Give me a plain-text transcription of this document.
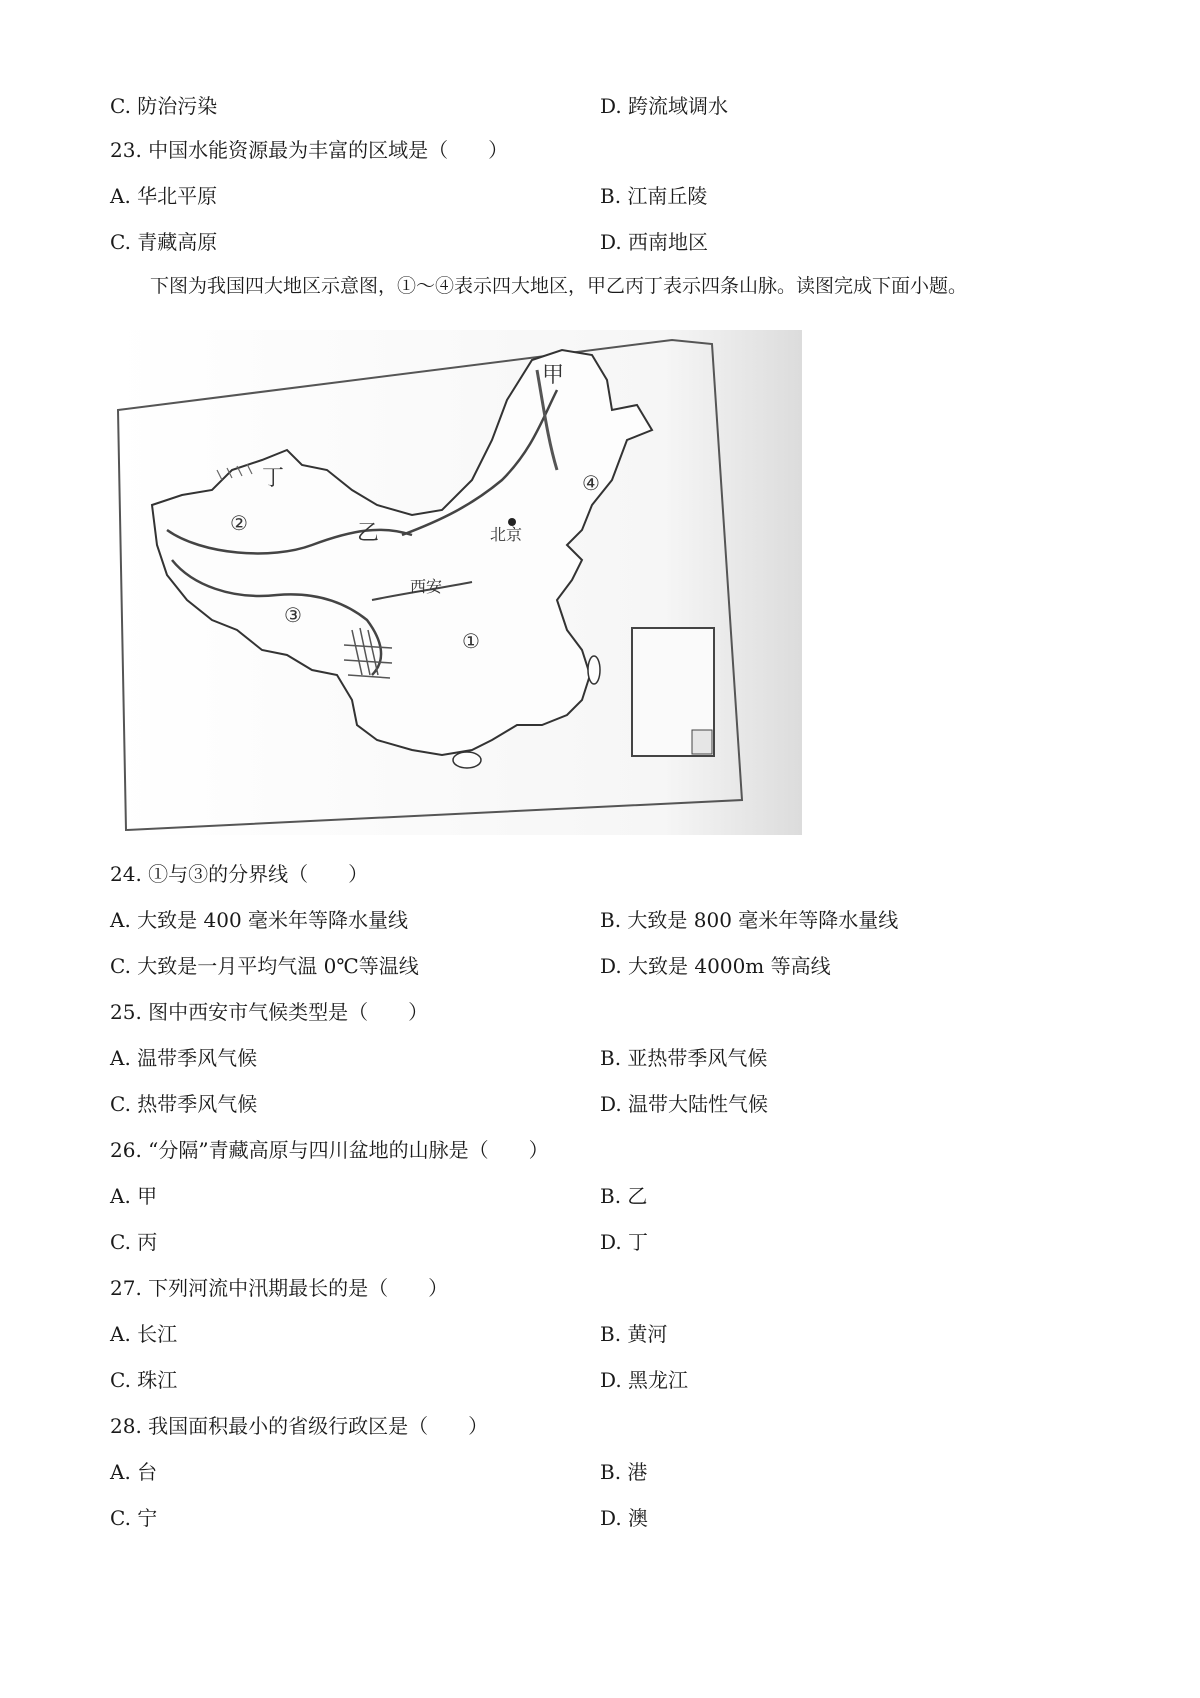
C. 防治污染	D. 跨流域调水
23. 中国水能资源最为丰富的区域是（　　）
A. 华北平原	B. 江南丘陵
C. 青藏高原	D. 西南地区
下图为我国四大地区示意图，①～④表示四大地区，甲乙丙丁表示四条山脉。读图完成下面小题。
甲
乙
丁
②
③
①
④
北京
西安
24. ①与③的分界线（　　）
A. 大致是 400 毫米年等降水量线	B. 大致是 800 毫米年等降水量线
C. 大致是一月平均气温 0℃等温线	D. 大致是 4000m 等高线
25. 图中西安市气候类型是（　　）
A. 温带季风气候	B. 亚热带季风气候
C. 热带季风气候	D. 温带大陆性气候
26. “分隔”青藏高原与四川盆地的山脉是（　　）
A. 甲	B. 乙
C. 丙	D. 丁
27. 下列河流中汛期最长的是（　　）
A. 长江	B. 黄河
C. 珠江	D. 黑龙江
28. 我国面积最小的省级行政区是（　　）
A. 台	B. 港
C. 宁	D. 澳
